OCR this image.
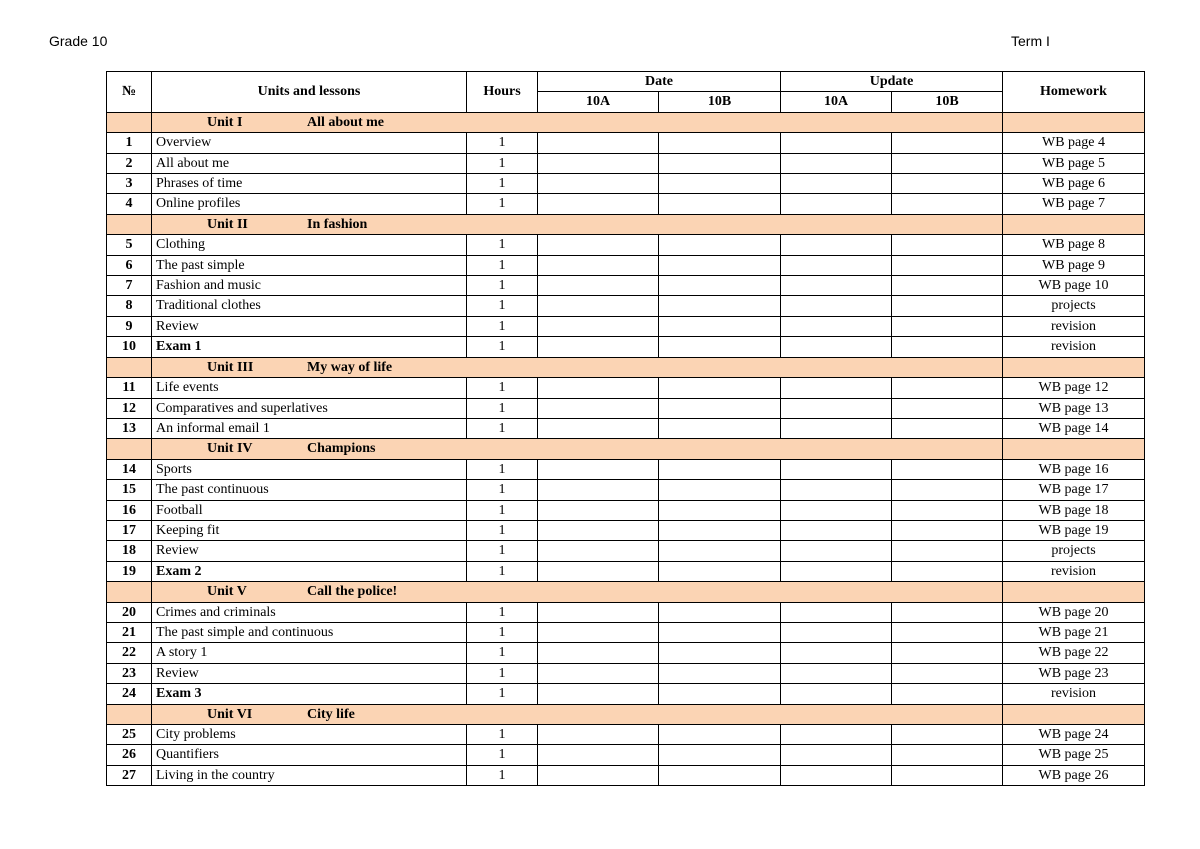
Grade 10	Term I
№	Units and lessons	Hours	Date		Update		Homework
			10A	10B	10A	10B	
	Unit I All about me						
1	Overview	1					WB page 4
2	All about me	1					WB page 5
3	Phrases of time	1					WB page 6
4	Online profiles	1					WB page 7
	Unit II In fashion						
5	Clothing	1					WB page 8
6	The past simple	1					WB page 9
7	Fashion and music	1					WB page 10
8	Traditional clothes	1					projects
9	Review	1					revision
10	Exam 1	1					revision
	Unit III My way of life						
11	Life events	1					WB page 12
12	Comparatives and superlatives	1					WB page 13
13	An informal email 1	1					WB page 14
	Unit IV Champions						
14	Sports	1					WB page 16
15	The past continuous	1					WB page 17
16	Football	1					WB page 18
17	Keeping fit	1					WB page 19
18	Review	1					projects
19	Exam 2	1					revision
	Unit V Call the police!						
20	Crimes and criminals	1					WB page 20
21	The past simple and continuous	1					WB page 21
22	A story 1	1					WB page 22
23	Review	1					WB page 23
24	Exam 3	1					revision
	Unit VI City life						
25	City problems	1					WB page 24
26	Quantifiers	1					WB page 25
27	Living in the country	1					WB page 26
